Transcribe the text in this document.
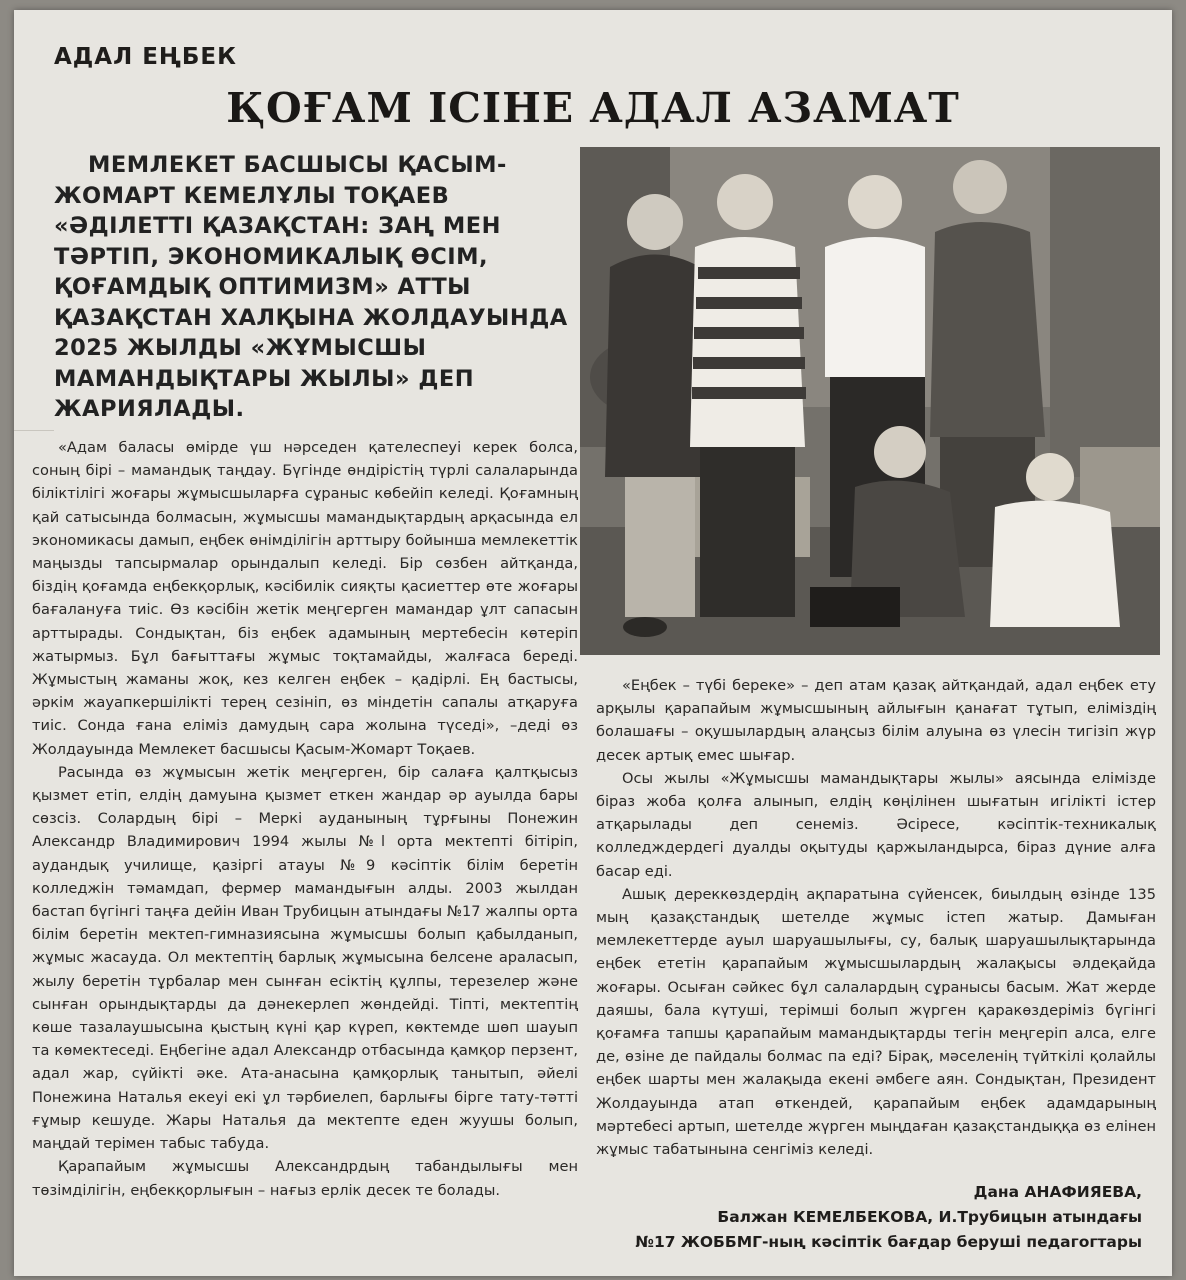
АДАЛ ЕҢБЕК
ҚОҒАМ ІСІНЕ АДАЛ АЗАМАТ
МЕМЛЕКЕТ БАСШЫСЫ ҚАСЫМ-ЖОМАРТ КЕМЕЛҰЛЫ ТОҚАЕВ «ӘДІЛЕТТІ ҚАЗАҚСТАН: ЗАҢ МЕН ТӘРТІП, ЭКОНОМИКАЛЫҚ ӨСІМ, ҚОҒАМДЫҚ ОПТИМИЗМ» АТТЫ ҚАЗАҚСТАН ХАЛҚЫНА ЖОЛДАУЫНДА 2025 ЖЫЛДЫ «ЖҰМЫСШЫ МАМАНДЫҚТАРЫ ЖЫЛЫ» ДЕП ЖАРИЯЛАДЫ.

«Адам баласы өмірде үш нәрседен қателеспеуі керек болса, соның бірі – мамандық таңдау. Бүгінде өндірістің түрлі салаларында біліктілігі жоғары жұмысшыларға сұраныс көбейіп келеді. Қоғамның қай сатысында болмасын, жұмысшы мамандықтардың арқасында ел экономикасы дамып, еңбек өнімділігін арттыру бойынша мемлекеттік маңызды тапсырмалар орындалып келеді. Бір сөзбен айтқанда, біздің қоғамда еңбекқорлық, кәсібилік сияқты қасиеттер өте жоғары бағалануға тиіс. Өз кәсібін жетік меңгерген мамандар ұлт сапасын арттырады. Сондықтан, біз еңбек адамының мертебесін көтеріп жатырмыз. Бұл бағыттағы жұмыс тоқтамайды, жалғаса береді. Жұмыстың жаманы жоқ, кез келген еңбек – қадірлі. Ең бастысы, әркім жауапкершілікті терең сезініп, өз міндетін сапалы атқаруға тиіс. Сонда ғана еліміз дамудың сара жолына түседі», –деді өз Жолдауында Мемлекет басшысы Қасым-Жомарт Тоқаев.

Расында өз жұмысын жетік меңгерген, бір салаға қалтқысыз қызмет етіп, елдің дамуына қызмет еткен жандар әр ауылда бары сөзсіз. Солардың бірі – Меркі ауданының тұрғыны Понежин Александр Владимирович 1994 жылы №l орта мектепті бітіріп, аудандық училище, қазіргі атауы №9 кәсіптік білім беретін колледжін тәмамдап, фермер мамандығын алды. 2003 жылдан бастап бүгінгі таңға дейін Иван Трубицын атындағы №17 жалпы орта білім беретін мектеп-гимназиясына жұмысшы болып қабылданып, жұмыс жасауда. Ол мектептің барлық жұмысына белсене араласып, жылу беретін тұрбалар мен сынған есіктің құлпы, терезелер және сынған орындықтарды да дәнекерлеп жөндейді. Тіпті, мектептің көше тазалаушысына қыстың күні қар күреп, көктемде шөп шауып та көмектеседі. Еңбегіне адал Александр отбасында қамқор перзент, адал жар, сүйікті әке. Ата-анасына қамқорлық танытып, әйелі Понежина Наталья екеуі екі ұл тәрбиелеп, барлығы бірге тату-тәтті ғұмыр кешуде. Жары Наталья да мектепте еден жуушы болып, маңдай терімен табыс табуда.

Қарапайым жұмысшы Александрдың табандылығы мен төзімділігін, еңбекқорлығын – нағыз ерлік десек те болады.

«Еңбек – түбі береке» – деп атам қазақ айтқандай, адал еңбек ету арқылы қарапайым жұмысшының айлығын қанағат тұтып, еліміздің болашағы – оқушылардың алаңсыз білім алуына өз үлесін тигізіп жүр десек артық емес шығар.

Осы жылы «Жұмысшы мамандықтары жылы» аясында елімізде біраз жоба қолға алынып, елдің көңілінен шығатын игілікті істер атқарылады деп сенеміз. Әсіресе, кәсіптік-техникалық колледждердегі дуалды оқытуды қаржыландырса, біраз дүние алға басар еді.

Ашық дереккөздердің ақпаратына сүйенсек, биылдың өзінде 135 мың қазақстандық шетелде жұмыс істеп жатыр. Дамыған мемлекеттерде ауыл шаруашылығы, су, балық шаруашылықтарында еңбек ететін қарапайым жұмысшылардың жалақысы әлдеқайда жоғары. Осыған сәйкес бұл салалардың сұранысы басым. Жат жерде даяшы, бала күтуші, терімші болып жүрген қаракөздеріміз бүгінгі қоғамға тапшы қарапайым мамандықтарды тегін меңгеріп алса, елге де, өзіне де пайдалы болмас па еді? Бірақ, мәселенің түйткілі қолайлы еңбек шарты мен жалақыда екені әмбеге аян. Сондықтан, Президент Жолдауында атап өткендей, қарапайым еңбек адамдарының мәртебесі артып, шетелде жүрген мыңдаған қазақстандыққа өз елінен жұмыс табатынына сенгіміз келеді.

Дана АНАФИЯЕВА,
Балжан КЕМЕЛБЕКОВА, И.Трубицын атындағы
№17 ЖОББМГ-ның кәсіптік бағдар беруші педагогтары
